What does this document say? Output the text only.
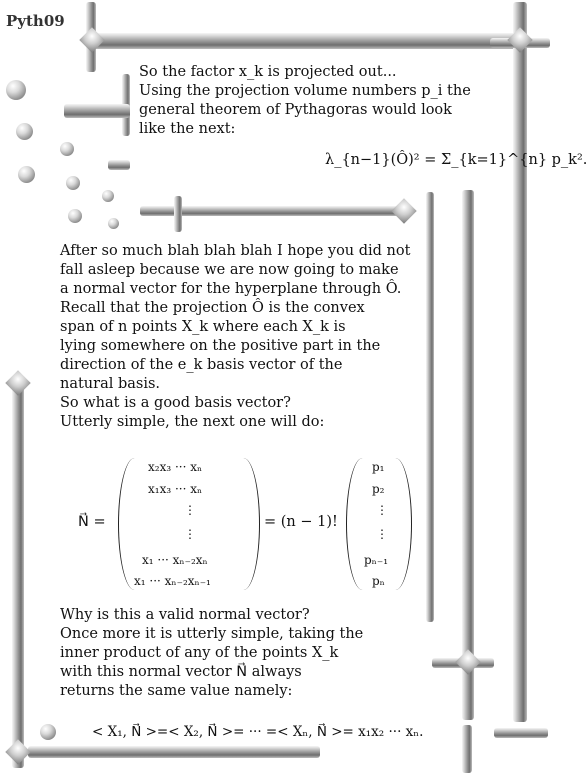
Pyth09
So the factor x_k is projected out...
Using the projection volume numbers p_i the
general theorem of Pythagoras would look
like the next:
λ_{n−1}(Ô)² = Σ_{k=1}^{n} p_k².
After so much blah blah blah I hope you did not
fall asleep because we are now going to make
a normal vector for the hyperplane through Ô.
Recall that the projection Ô is the convex
span of n points X_k where each X_k is
lying somewhere on the positive part in the
direction of the e_k basis vector of the
natural basis.
So what is a good basis vector?
Utterly simple, the next one will do:
N⃗ =
x₂x₃ ··· xₙ
x₁x₃ ··· xₙ
⋮
⋮
x₁ ··· xₙ₋₂xₙ
x₁ ··· xₙ₋₂xₙ₋₁
= (n − 1)!
p₁
p₂
⋮
⋮
pₙ₋₁
pₙ
Why is this a valid normal vector?
Once more it is utterly simple, taking the
inner product of any of the points X_k
with this normal vector N⃗ always
returns the same value namely:
< X₁, N⃗ >=< X₂, N⃗ >= ··· =< Xₙ, N⃗ >= x₁x₂ ··· xₙ.
